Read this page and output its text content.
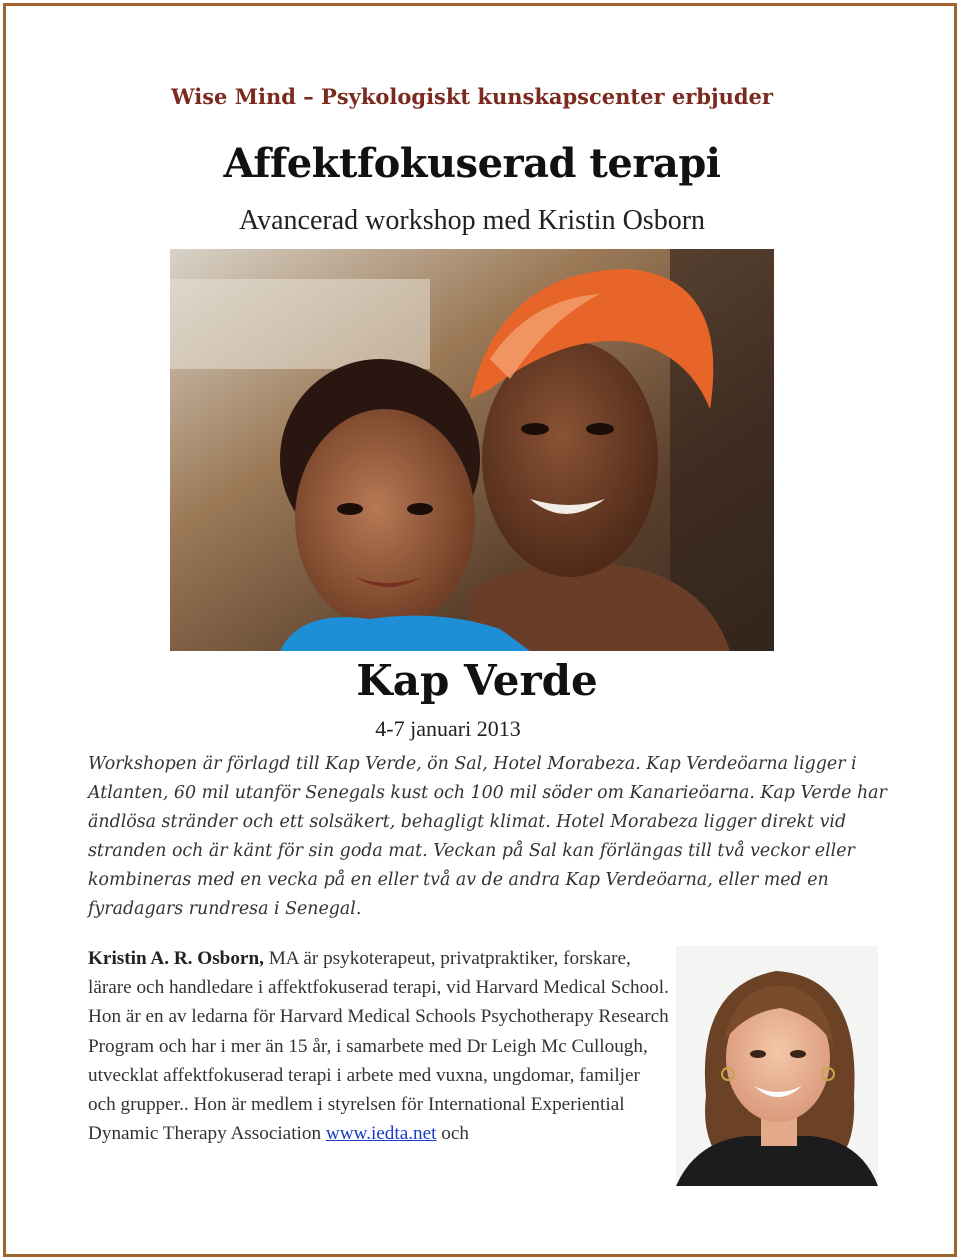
Wise Mind – Psykologiskt kunskapscenter erbjuder
Affektfokuserad terapi
Avancerad workshop med Kristin Osborn
Kap Verde
4-7 januari 2013

Workshopen är förlagd till Kap Verde, ön Sal, Hotel Morabeza. Kap Verdeöarna ligger i Atlanten, 60 mil utanför Senegals kust och 100 mil söder om Kanarieöarna. Kap Verde har ändlösa stränder och ett solsäkert, behagligt klimat. Hotel Morabeza ligger direkt vid stranden och är känt för sin goda mat. Veckan på Sal kan förlängas till två veckor eller kombineras med en vecka på en eller två av de andra Kap Verdeöarna, eller med en fyradagars rundresa i Senegal.

Kristin A. R. Osborn, MA är psykoterapeut, privatpraktiker, forskare, lärare och handledare i affektfokuserad terapi, vid Harvard Medical School. Hon är en av ledarna för Harvard Medical Schools Psychotherapy Research Program och har i mer än 15 år, i samarbete med Dr Leigh Mc Cullough, utvecklat affektfokuserad terapi i arbete med vuxna, ungdomar, familjer och grupper.. Hon är medlem i styrelsen för International Experiential Dynamic Therapy Association www.iedta.net och
